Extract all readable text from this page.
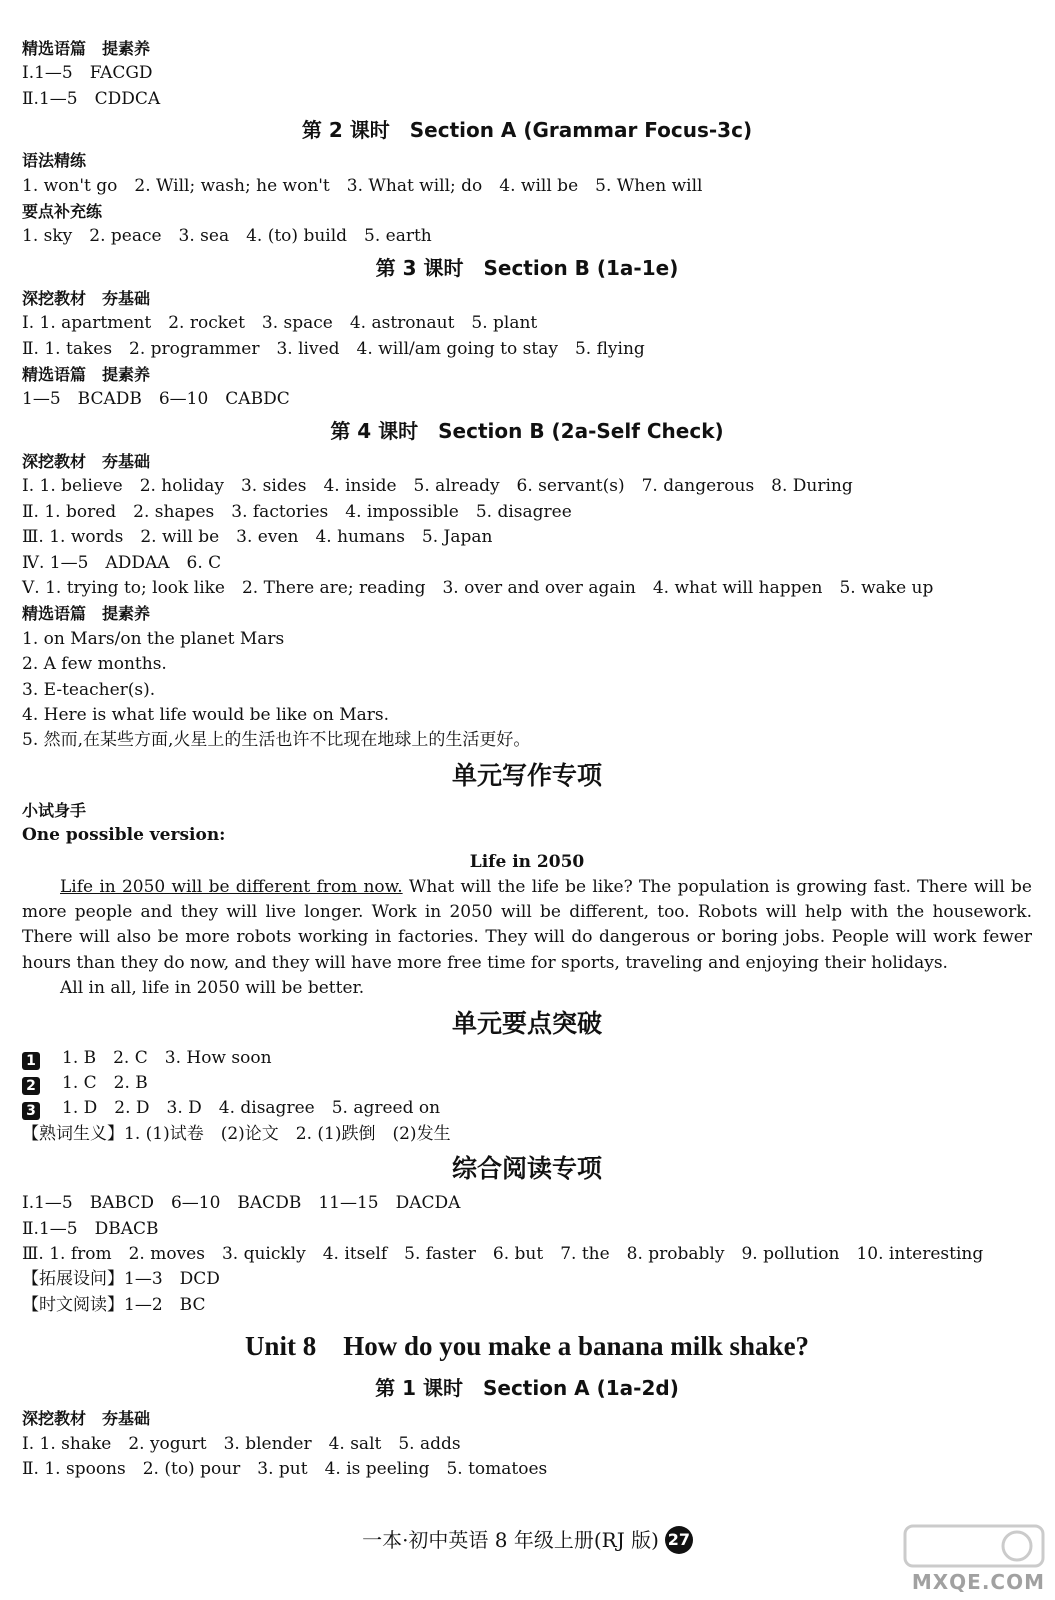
精选语篇　提素养
Ⅰ.1—5　FACGD
Ⅱ.1—5　CDDCA
第 2 课时　Section A (Grammar Focus-3c)
语法精练
1. won't go　2. Will; wash; he won't　3. What will; do　4. will be　5. When will
要点补充练
1. sky　2. peace　3. sea　4. (to) build　5. earth
第 3 课时　Section B (1a-1e)
深挖教材　夯基础
Ⅰ. 1. apartment　2. rocket　3. space　4. astronaut　5. plant
Ⅱ. 1. takes　2. programmer　3. lived　4. will/am going to stay　5. flying
精选语篇　提素养
1—5　BCADB　6—10　CABDC
第 4 课时　Section B (2a-Self Check)
深挖教材　夯基础
Ⅰ. 1. believe　2. holiday　3. sides　4. inside　5. already　6. servant(s)　7. dangerous　8. During
Ⅱ. 1. bored　2. shapes　3. factories　4. impossible　5. disagree
Ⅲ. 1. words　2. will be　3. even　4. humans　5. Japan
Ⅳ. 1—5　ADDAA　6. C
Ⅴ. 1. trying to; look like　2. There are; reading　3. over and over again　4. what will happen　5. wake up
精选语篇　提素养
1. on Mars/on the planet Mars
2. A few months.
3. E-teacher(s).
4. Here is what life would be like on Mars.
5. 然而,在某些方面,火星上的生活也许不比现在地球上的生活更好。
单元写作专项
小试身手
One possible version:
Life in 2050
Life in 2050 will be different from now. What will the life be like? The population is growing fast. There will be more people and they will live longer. Work in 2050 will be different, too. Robots will help with the housework. There will also be more robots working in factories. They will do dangerous or boring jobs. People will work fewer hours than they do now, and they will have more free time for sports, traveling and enjoying their holidays.
All in all, life in 2050 will be better.
单元要点突破
1 1. B　2. C　3. How soon
2 1. C　2. B
3 1. D　2. D　3. D　4. disagree　5. agreed on
【熟词生义】1. (1)试卷　(2)论文　2. (1)跌倒　(2)发生
综合阅读专项
Ⅰ.1—5　BABCD　6—10　BACDB　11—15　DACDA
Ⅱ.1—5　DBACB
Ⅲ. 1. from　2. moves　3. quickly　4. itself　5. faster　6. but　7. the　8. probably　9. pollution　10. interesting
【拓展设问】1—3　DCD
【时文阅读】1—2　BC
Unit 8　How do you make a banana milk shake?
第 1 课时　Section A (1a-2d)
深挖教材　夯基础
Ⅰ. 1. shake　2. yogurt　3. blender　4. salt　5. adds
Ⅱ. 1. spoons　2. (to) pour　3. put　4. is peeling　5. tomatoes
一本·初中英语 8 年级上册(RJ 版) 27
MXQE.COM
